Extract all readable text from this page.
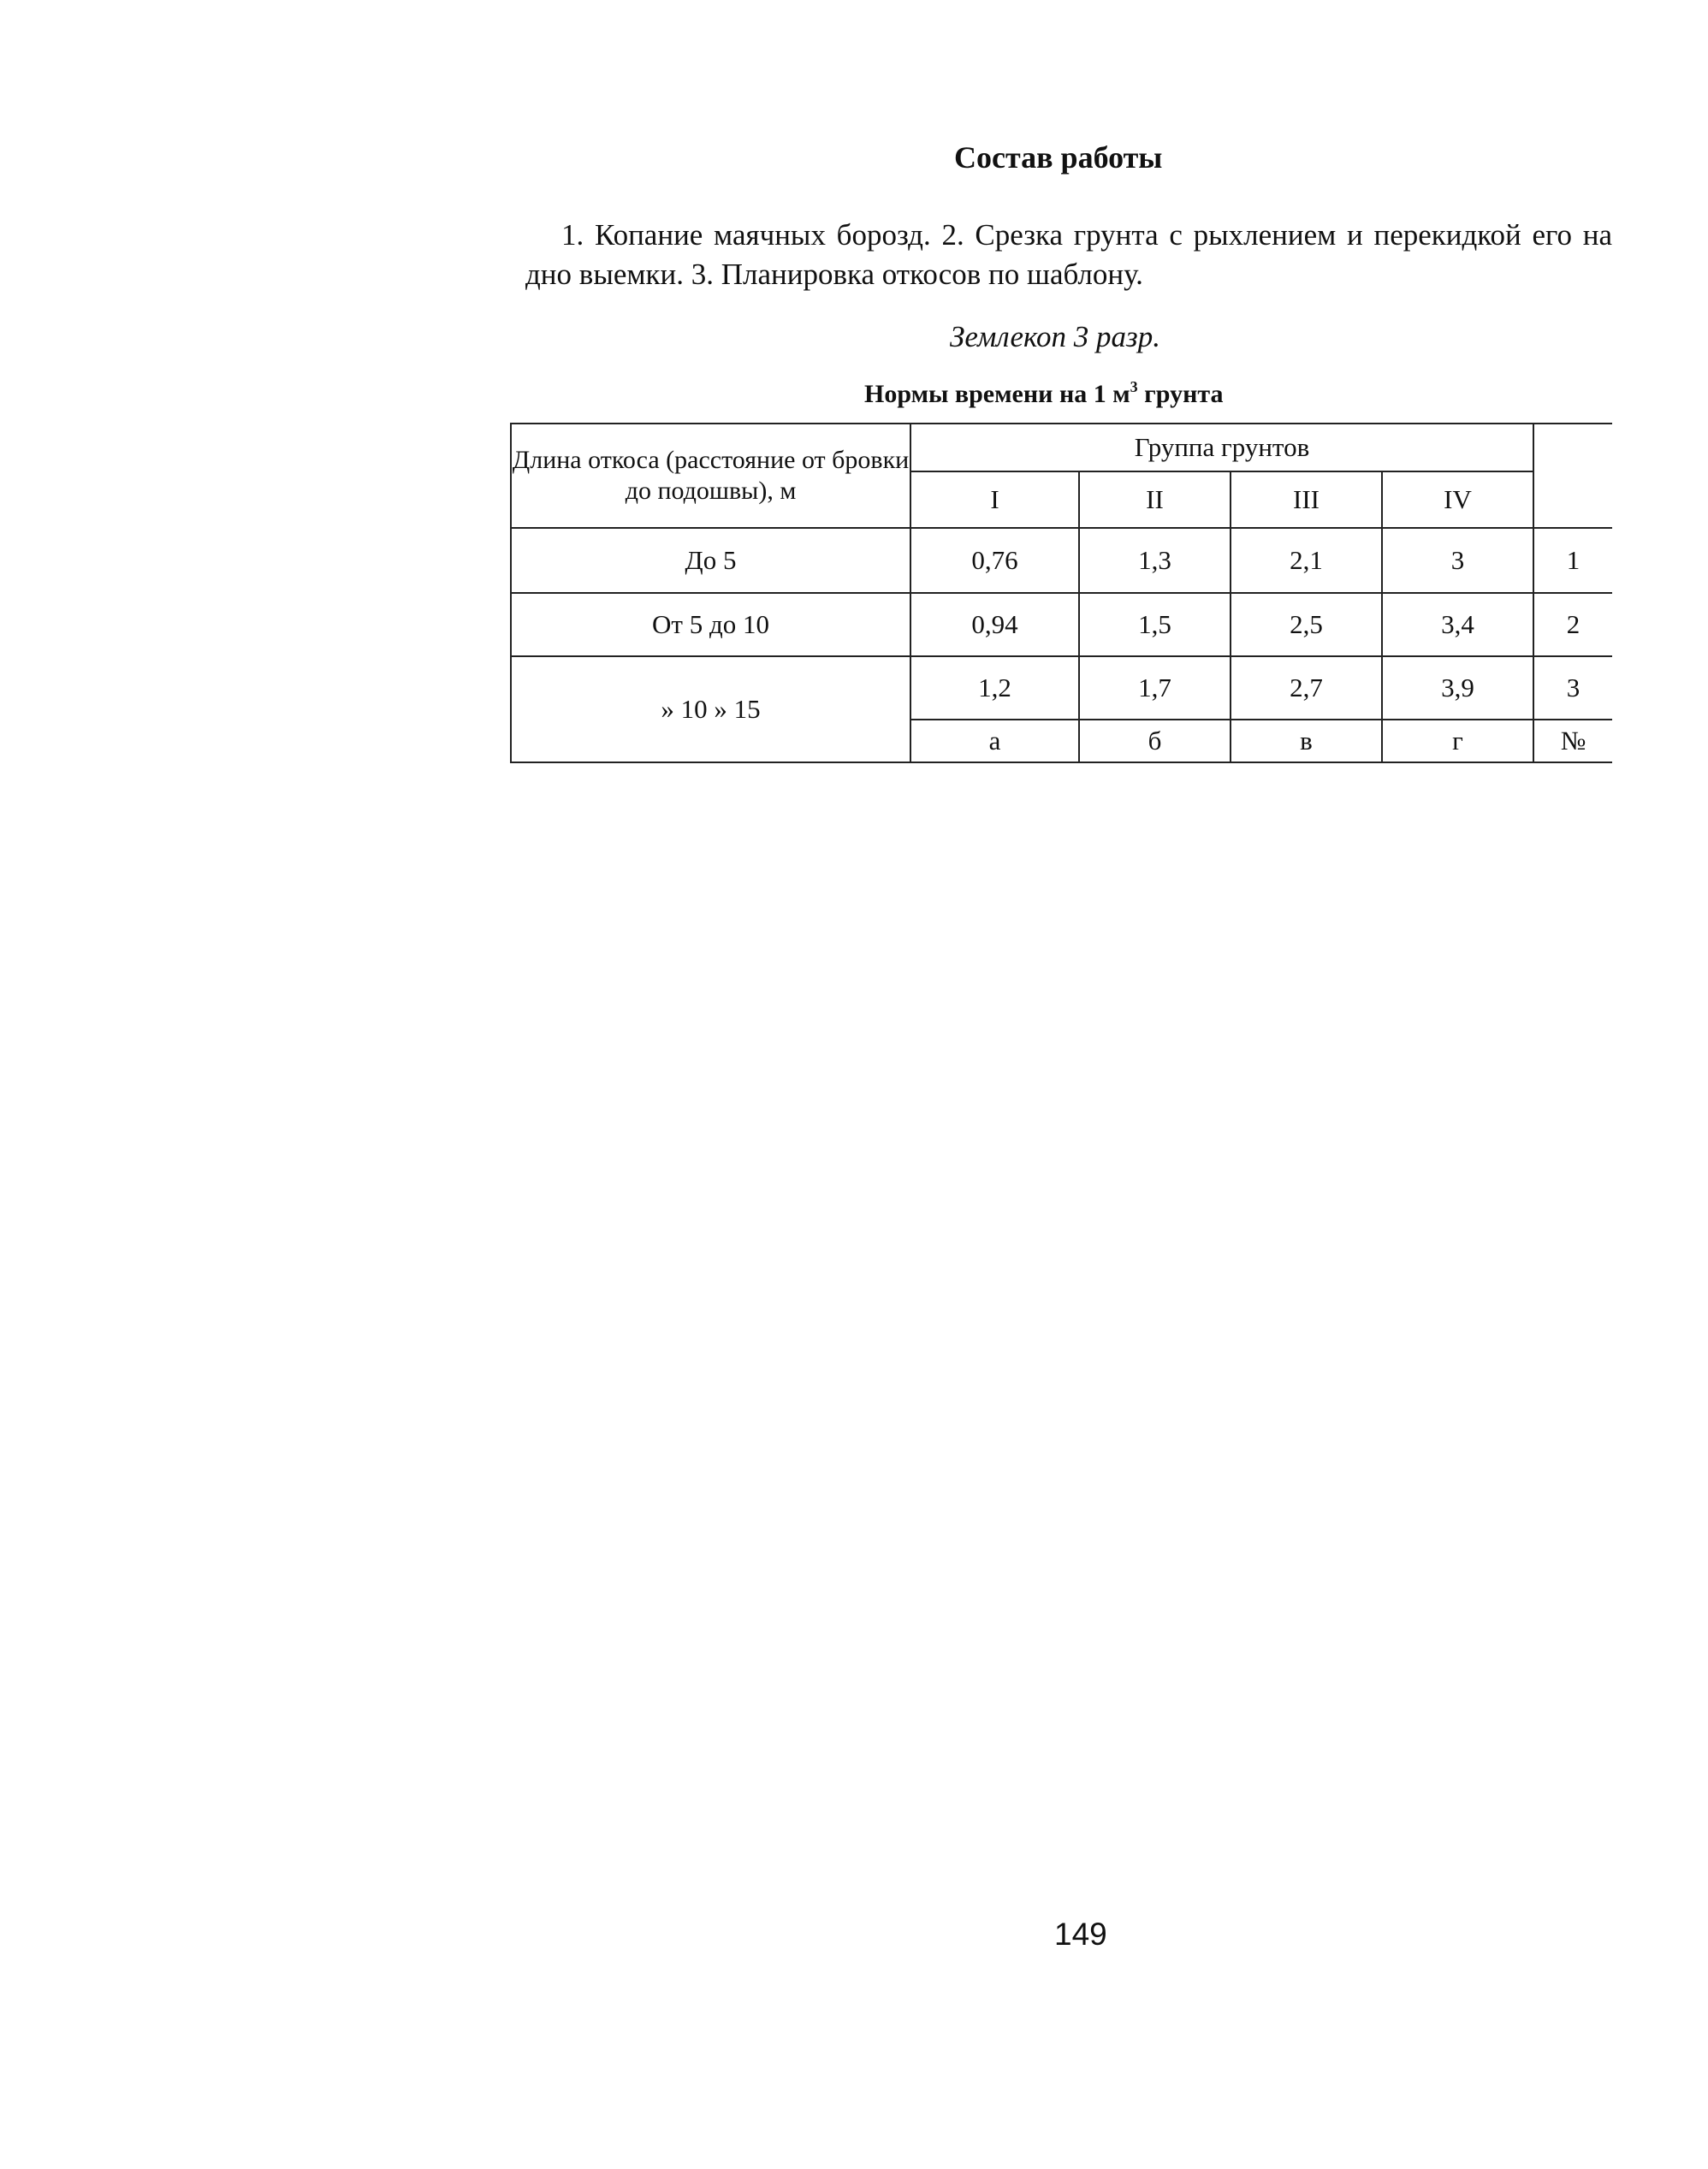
Состав работы
1. Копание маячных борозд. 2. Срезка грунта с рыхлением и перекидкой его на дно выемки. 3. Планировка откосов по шаблону.
Землекоп 3 разр.
Нормы времени на 1 $м^3$ грунта
Длина откоса (расстояние от бровки до подошвы), м	Группа грунтов				
	I	II	III	IV	
До 5	0,76	1,3	2,1	3	1
От 5 до 10	0,94	1,5	2,5	3,4	2
» 10 » 15	1,2	1,7	2,7	3,9	3
	а	б	в	г	№
149
